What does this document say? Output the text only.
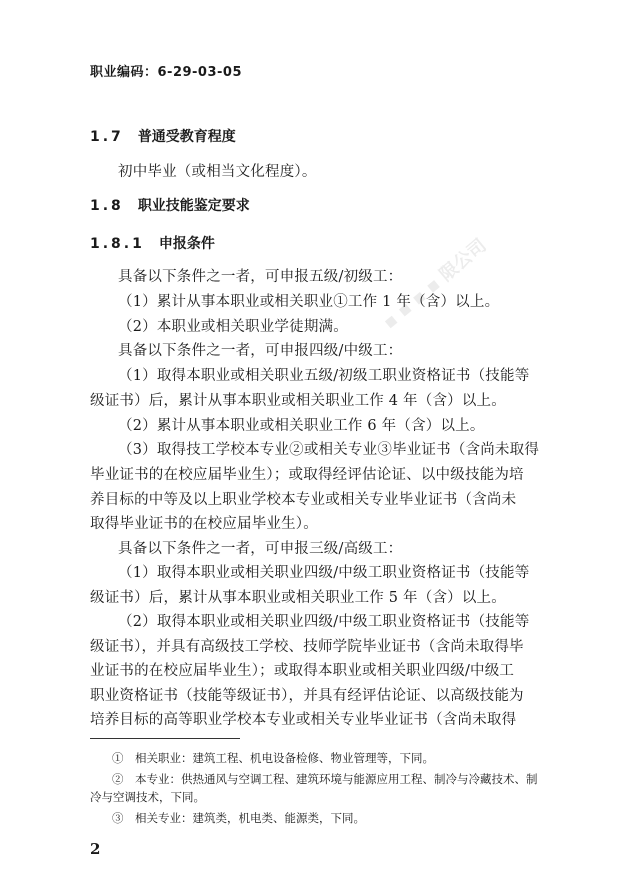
▪ ▪ ▪ ▪ 限公司
职业编码：6-29-03-05
1.7 普通受教育程度
初中毕业（或相当文化程度）。
1.8 职业技能鉴定要求
1.8.1 申报条件
具备以下条件之一者，可申报五级/初级工：
（1）累计从事本职业或相关职业①工作 1 年（含）以上。
（2）本职业或相关职业学徒期满。
具备以下条件之一者，可申报四级/中级工：
（1）取得本职业或相关职业五级/初级工职业资格证书（技能等
级证书）后，累计从事本职业或相关职业工作 4 年（含）以上。
（2）累计从事本职业或相关职业工作 6 年（含）以上。
（3）取得技工学校本专业②或相关专业③毕业证书（含尚未取得
毕业证书的在校应届毕业生）；或取得经评估论证、以中级技能为培
养目标的中等及以上职业学校本专业或相关专业毕业证书（含尚未
取得毕业证书的在校应届毕业生）。
具备以下条件之一者，可申报三级/高级工：
（1）取得本职业或相关职业四级/中级工职业资格证书（技能等
级证书）后，累计从事本职业或相关职业工作 5 年（含）以上。
（2）取得本职业或相关职业四级/中级工职业资格证书（技能等
级证书），并具有高级技工学校、技师学院毕业证书（含尚未取得毕
业证书的在校应届毕业生）；或取得本职业或相关职业四级/中级工
职业资格证书（技能等级证书），并具有经评估论证、以高级技能为
培养目标的高等职业学校本专业或相关专业毕业证书（含尚未取得
①　相关职业：建筑工程、机电设备检修、物业管理等，下同。
②　本专业：供热通风与空调工程、建筑环境与能源应用工程、制冷与冷藏技术、制
冷与空调技术，下同。
③　相关专业：建筑类，机电类、能源类，下同。
2
